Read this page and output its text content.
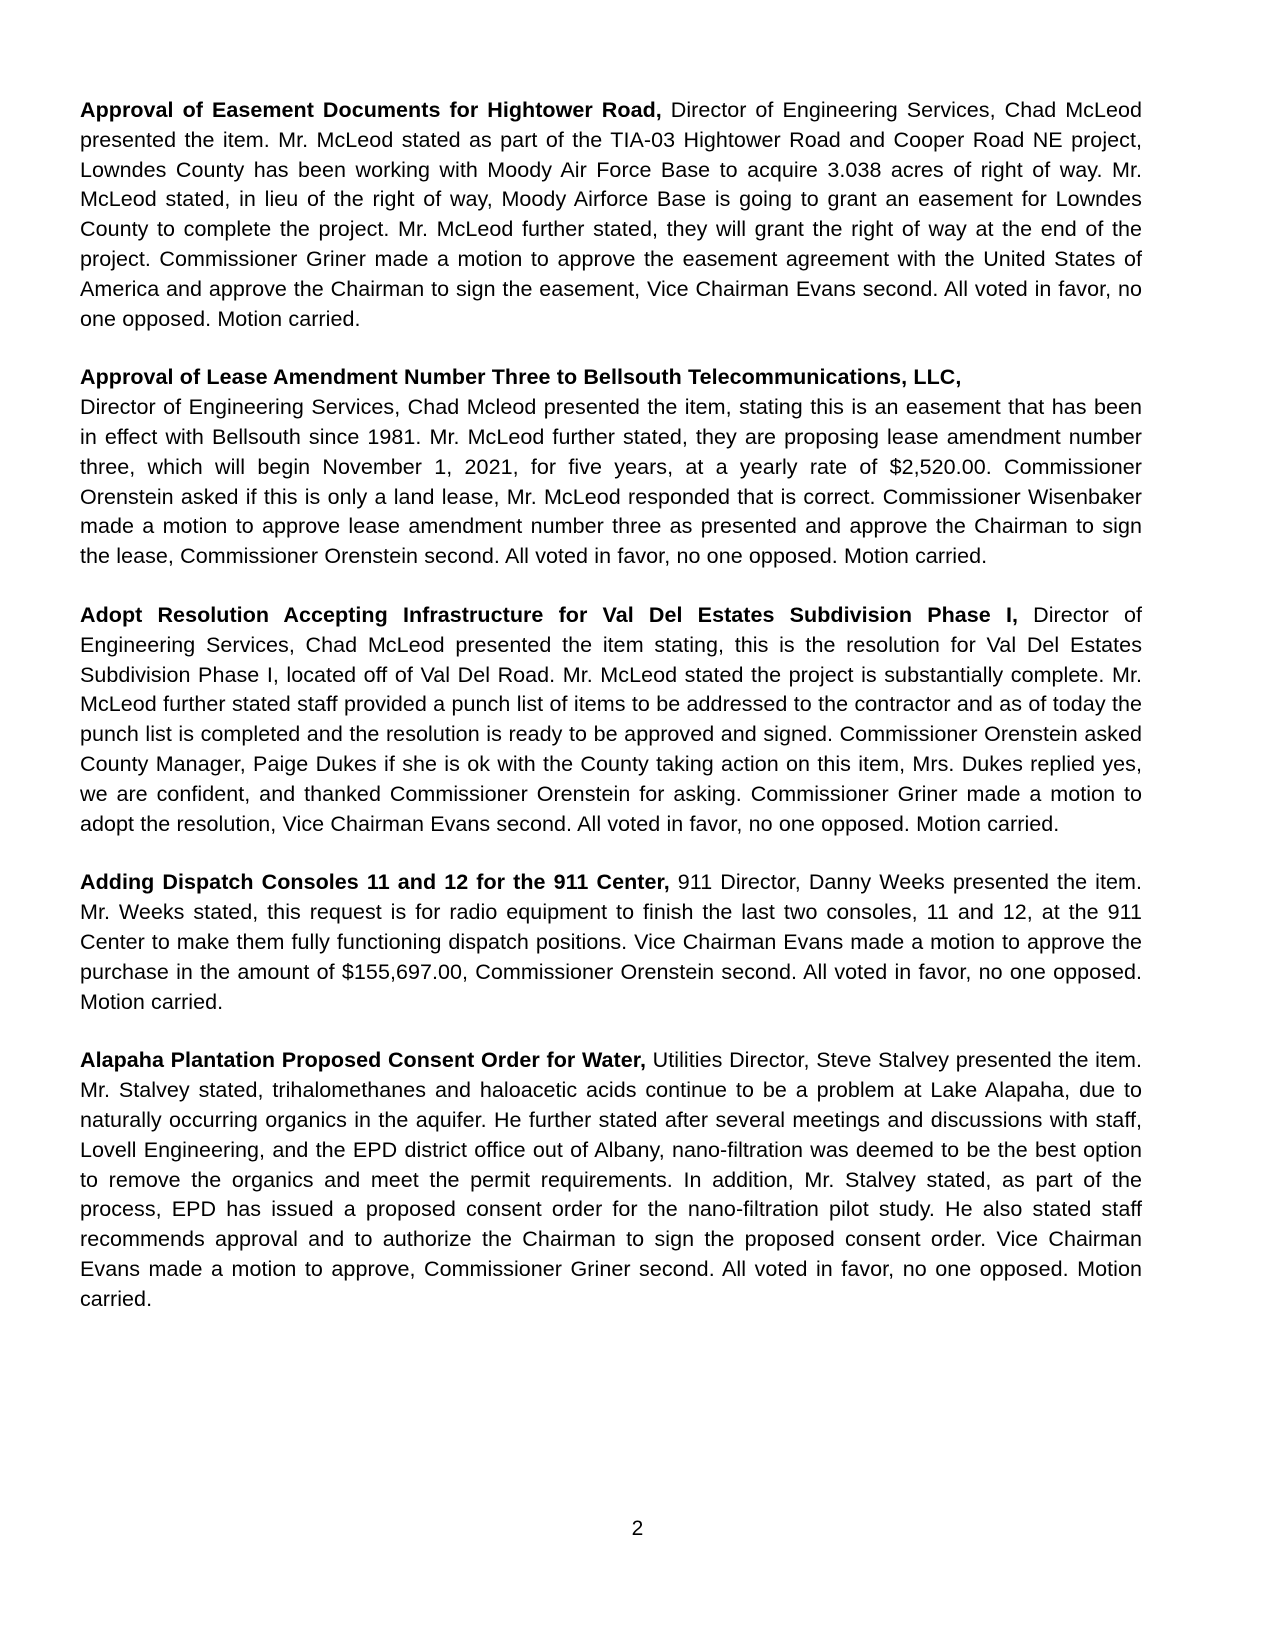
Approval of Easement Documents for Hightower Road, Director of Engineering Services, Chad McLeod presented the item. Mr. McLeod stated as part of the TIA-03 Hightower Road and Cooper Road NE project, Lowndes County has been working with Moody Air Force Base to acquire 3.038 acres of right of way. Mr. McLeod stated, in lieu of the right of way, Moody Airforce Base is going to grant an easement for Lowndes County to complete the project. Mr. McLeod further stated, they will grant the right of way at the end of the project. Commissioner Griner made a motion to approve the easement agreement with the United States of America and approve the Chairman to sign the easement, Vice Chairman Evans second. All voted in favor, no one opposed. Motion carried.

Approval of Lease Amendment Number Three to Bellsouth Telecommunications, LLC,
Director of Engineering Services, Chad Mcleod presented the item, stating this is an easement that has been in effect with Bellsouth since 1981. Mr. McLeod further stated, they are proposing lease amendment number three, which will begin November 1, 2021, for five years, at a yearly rate of $2,520.00. Commissioner Orenstein asked if this is only a land lease, Mr. McLeod responded that is correct. Commissioner Wisenbaker made a motion to approve lease amendment number three as presented and approve the Chairman to sign the lease, Commissioner Orenstein second. All voted in favor, no one opposed. Motion carried.

Adopt Resolution Accepting Infrastructure for Val Del Estates Subdivision Phase I, Director of Engineering Services, Chad McLeod presented the item stating, this is the resolution for Val Del Estates Subdivision Phase I, located off of Val Del Road. Mr. McLeod stated the project is substantially complete. Mr. McLeod further stated staff provided a punch list of items to be addressed to the contractor and as of today the punch list is completed and the resolution is ready to be approved and signed. Commissioner Orenstein asked County Manager, Paige Dukes if she is ok with the County taking action on this item, Mrs. Dukes replied yes, we are confident, and thanked Commissioner Orenstein for asking. Commissioner Griner made a motion to adopt the resolution, Vice Chairman Evans second. All voted in favor, no one opposed. Motion carried.

Adding Dispatch Consoles 11 and 12 for the 911 Center, 911 Director, Danny Weeks presented the item. Mr. Weeks stated, this request is for radio equipment to finish the last two consoles, 11 and 12, at the 911 Center to make them fully functioning dispatch positions. Vice Chairman Evans made a motion to approve the purchase in the amount of $155,697.00, Commissioner Orenstein second. All voted in favor, no one opposed. Motion carried.

Alapaha Plantation Proposed Consent Order for Water, Utilities Director, Steve Stalvey presented the item. Mr. Stalvey stated, trihalomethanes and haloacetic acids continue to be a problem at Lake Alapaha, due to naturally occurring organics in the aquifer. He further stated after several meetings and discussions with staff, Lovell Engineering, and the EPD district office out of Albany, nano-filtration was deemed to be the best option to remove the organics and meet the permit requirements. In addition, Mr. Stalvey stated, as part of the process, EPD has issued a proposed consent order for the nano-filtration pilot study. He also stated staff recommends approval and to authorize the Chairman to sign the proposed consent order. Vice Chairman Evans made a motion to approve, Commissioner Griner second. All voted in favor, no one opposed. Motion carried.

2
